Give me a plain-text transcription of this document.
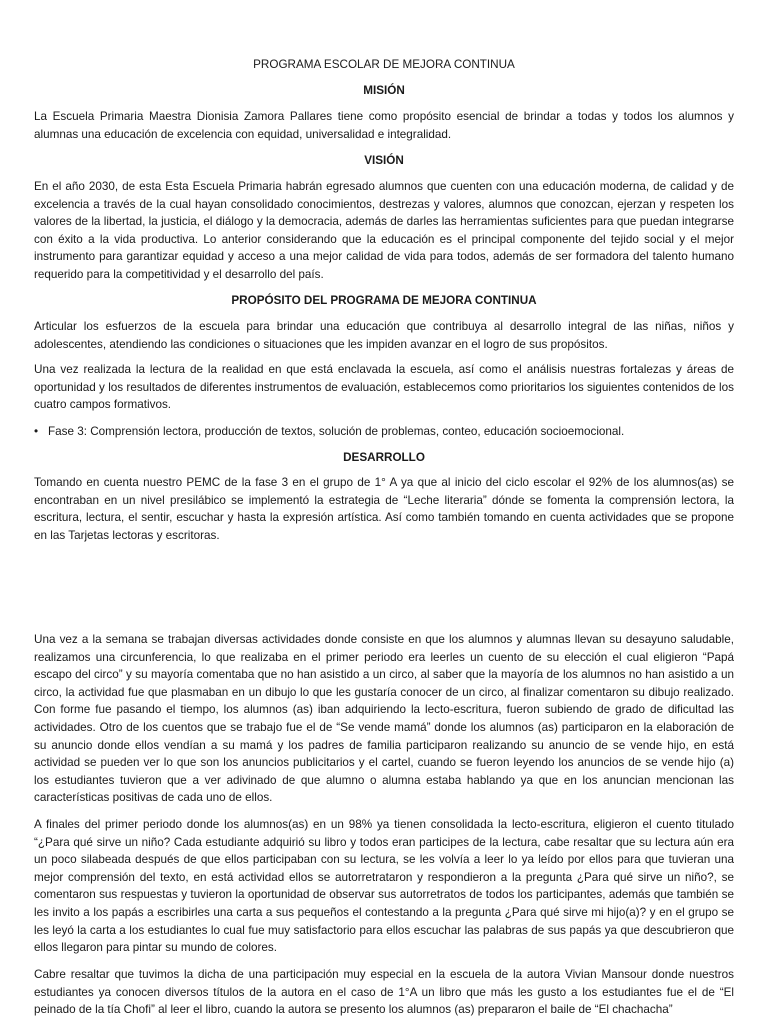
PROGRAMA ESCOLAR DE MEJORA CONTINUA

MISIÓN

La Escuela Primaria Maestra Dionisia Zamora Pallares tiene como propósito esencial de brindar a todas y todos los alumnos y alumnas una educación de excelencia con equidad, universalidad e integralidad.

VISIÓN

En el año 2030, de esta Esta Escuela Primaria habrán egresado alumnos que cuenten con una educación moderna, de calidad y de excelencia a través de la cual hayan consolidado conocimientos, destrezas y valores, alumnos que conozcan, ejerzan y respeten los valores de la libertad, la justicia, el diálogo y la democracia, además de darles las herramientas suficientes para que puedan integrarse con éxito a la vida productiva. Lo anterior considerando que la educación es el principal componente del tejido social y el mejor instrumento para garantizar equidad y acceso a una mejor calidad de vida para todos, además de ser formadora del talento humano requerido para la competitividad y el desarrollo del país.

PROPÓSITO DEL PROGRAMA DE MEJORA CONTINUA

Articular los esfuerzos de la escuela para brindar una educación que contribuya al desarrollo integral de las niñas, niños y adolescentes, atendiendo las condiciones o situaciones que les impiden avanzar en el logro de sus propósitos.

Una vez realizada la lectura de la realidad en que está enclavada la escuela, así como el análisis nuestras fortalezas y áreas de oportunidad y los resultados de diferentes instrumentos de evaluación, establecemos como prioritarios los siguientes contenidos de los cuatro campos formativos.

• Fase 3: Comprensión lectora, producción de textos, solución de problemas, conteo, educación socioemocional.

DESARROLLO

Tomando en cuenta nuestro PEMC de la fase 3 en el grupo de 1° A ya que al inicio del ciclo escolar el 92% de los alumnos(as) se encontraban en un nivel presilábico se implementó la estrategia de “Leche literaria” dónde se fomenta la comprensión lectora, la escritura, lectura, el sentir, escuchar y hasta la expresión artística. Así como también tomando en cuenta actividades que se propone en las Tarjetas lectoras y escritoras.

Una vez a la semana se trabajan diversas actividades donde consiste en que los alumnos y alumnas llevan su desayuno saludable, realizamos una circunferencia, lo que realizaba en el primer periodo era leerles un cuento de su elección el cual eligieron “Papá escapo del circo” y su mayoría comentaba que no han asistido a un circo, al saber que la mayoría de los alumnos no han asistido a un circo, la actividad fue que plasmaban en un dibujo lo que les gustaría conocer de un circo, al finalizar comentaron su dibujo realizado. Con forme fue pasando el tiempo, los alumnos (as) iban adquiriendo la lecto-escritura, fueron subiendo de grado de dificultad las actividades. Otro de los cuentos que se trabajo fue el de “Se vende mamá” donde los alumnos (as) participaron en la elaboración de su anuncio donde ellos vendían a su mamá y los padres de familia participaron realizando su anuncio de se vende hijo, en está actividad se pueden ver lo que son los anuncios publicitarios y el cartel, cuando se fueron leyendo los anuncios de se vende hijo (a) los estudiantes tuvieron que a ver adivinado de que alumno o alumna estaba hablando ya que en los anuncian mencionan las características positivas de cada uno de ellos.

A finales del primer periodo donde los alumnos(as) en un 98% ya tienen consolidada la lecto-escritura, eligieron el cuento titulado “¿Para qué sirve un niño? Cada estudiante adquirió su libro y todos eran participes de la lectura, cabe resaltar que su lectura aún era un poco silabeada después de que ellos participaban con su lectura, se les volvía a leer lo ya leído por ellos para que tuvieran una mejor comprensión del texto, en está actividad ellos se autorretrataron y respondieron a la pregunta ¿Para qué sirve un niño?, se comentaron sus respuestas y tuvieron la oportunidad de observar sus autorretratos de todos los participantes, además que también se les invito a los papás a escribirles una carta a sus pequeños el contestando a la pregunta ¿Para qué sirve mi hijo(a)? y en el grupo se les leyó la carta a los estudiantes lo cual fue muy satisfactorio para ellos escuchar las palabras de sus papás ya que descubrieron que ellos llegaron para pintar su mundo de colores.

Cabre resaltar que tuvimos la dicha de una participación muy especial en la escuela de la autora Vivian Mansour donde nuestros estudiantes ya conocen diversos títulos de la autora en el caso de 1°A un libro que más les gusto a los estudiantes fue el de “El peinado de la tía Chofi” al leer el libro, cuando la autora se presento los alumnos (as) prepararon el baile de “El chachacha”
